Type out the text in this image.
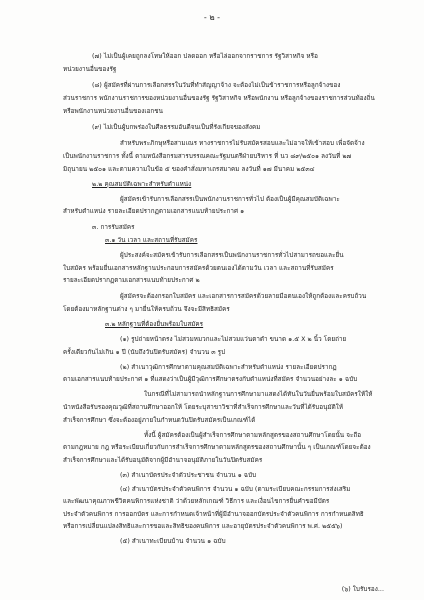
- ๒ -
(๗) ไม่เป็นผู้เคยถูกลงโทษให้ออก ปลดออก หรือไล่ออกจากราชการ รัฐวิสาหกิจ หรือ
หน่วยงานอื่นของรัฐ
(๘) ผู้สมัครที่ผ่านการเลือกสรรในวันที่ทำสัญญาจ้าง จะต้องไม่เป็นข้าราชการหรือลูกจ้างของ
ส่วนราชการ พนักงานราชการของหน่วยงานอื่นของรัฐ รัฐวิสาหกิจ หรือพนักงาน หรือลูกจ้างของราชการส่วนท้องถิ่น
หรือพนักงานหน่วยงานอื่นของเอกชน
(๙) ไม่เป็นผู้บกพร่องในศีลธรรมอันดีจนเป็นที่รังเกียจของสังคม
สำหรับพระภิกษุหรือสามเณร ทางราชการไม่รับสมัครสอบและไม่อาจให้เข้าสอบ เพื่อจัดจ้าง
เป็นพนักงานราชการ ทั้งนี้ ตามหนังสือกรมสารบรรณคณะรัฐมนตรีฝ่ายบริหาร ที่ นว ๘๙/๒๕๐๑ ลงวันที่ ๒๗
มิถุนายน ๒๕๐๑ และตามความในข้อ ๕ ของคำสั่งมหาเถรสมาคม ลงวันที่ ๑๗ มีนาคม ๒๕๓๔
๒.๒ คุณสมบัติเฉพาะสำหรับตำแหน่ง
ผู้สมัครเข้ารับการเลือกสรรเป็นพนักงานราชการทั่วไป ต้องเป็นผู้มีคุณสมบัติเฉพาะ
สำหรับตำแหน่ง รายละเอียดปรากฏตามเอกสารแนบท้ายประกาศ ๑
๓. การรับสมัคร
๓.๑ วัน เวลา และสถานที่รับสมัคร
ผู้ประสงค์จะสมัครเข้ารับการเลือกสรรเป็นพนักงานราชการทั่วไปสามารถขอและยื่น
ใบสมัคร พร้อมยื่นเอกสารหลักฐานประกอบการสมัครด้วยตนเองได้ตามวัน เวลา และสถานที่รับสมัคร
รายละเอียดปรากฏตามเอกสารแนบท้ายประกาศ ๒
ผู้สมัครจะต้องกรอกใบสมัคร และเอกสารการสมัครด้วยลายมือตนเองให้ถูกต้องและครบถ้วน
โดยต้องมาหลักฐานต่าง ๆ มายื่นให้ครบถ้วน จึงจะมีสิทธิสมัคร
๓.๒ หลักฐานที่ต้องยื่นพร้อมใบสมัคร
(๑) รูปถ่ายหน้าตรง ไม่สวมหมวกและไม่สวมแว่นตาดำ ขนาด ๑.๕ X ๒ นิ้ว โดยถ่าย
ครั้งเดียวกันไม่เกิน ๑ ปี (นับถึงวันปิดรับสมัคร) จำนวน ๓ รูป
(๒) สำเนาวุฒิการศึกษาตามคุณสมบัติเฉพาะสำหรับตำแหน่ง รายละเอียดปรากฏ
ตามเอกสารแนบท้ายประกาศ ๑ ที่แสดงว่าเป็นผู้มีวุฒิการศึกษาตรงกับตำแหน่งที่สมัคร จำนวนอย่างละ ๑ ฉบับ
ในกรณีที่ไม่สามารถนำหลักฐานการศึกษามาแสดงได้ทันในวันยื่นพร้อมใบสมัครให้ให้
นำหนังสือรับรองคุณวุฒิที่สถานศึกษาออกให้ โดยระบุสาขาวิชาที่สำเร็จการศึกษาและวันที่ได้รับอนุมัติให้
สำเร็จการศึกษา ซึ่งจะต้องอยู่ภายในกำหนดวันปิดรับสมัครเป็นเกณฑ์ได้
ทั้งนี้ ผู้สมัครต้องเป็นผู้สำเร็จการศึกษาตามหลักสูตรของสถานศึกษาโดยนั้น จะถือ
ตามกฎหมาย กฎ หรือระเบียบเกี่ยวกับการสำเร็จการศึกษาตามหลักสูตรของสถานศึกษานั้น ๆ เป็นเกณฑ์โดยจะต้อง
สำเร็จการศึกษาและได้รับอนุมัติจากผู้มีอำนาจอนุมัติภายในวันปิดรับสมัคร
(๓) สำเนาบัตรประจำตัวประชาชน จำนวน ๑ ฉบับ
(๔) สำเนาบัตรประจำตัวคนพิการ จำนวน ๑ ฉบับ (ตามระเบียบคณะกรรมการส่งเสริม
และพัฒนาคุณภาพชีวิตคนพิการแห่งชาติ ว่าด้วยหลักเกณฑ์ วิธีการ และเงื่อนไขการยื่นคำขอมีบัตร
ประจำตัวคนพิการ การออกบัตร และการกำหนดเจ้าหน้าที่ผู้มีอำนาจออกบัตรประจำตัวคนพิการ การกำหนดสิทธิ
หรือการเปลี่ยนแปลงสิทธิและการขอและสิทธิของคนพิการ และอายุบัตรประจำตัวคนพิการ พ.ศ. ๒๕๕๖)
(๕) สำเนาทะเบียนบ้าน จำนวน ๑ ฉบับ
(๖) ใบรับรอง...
